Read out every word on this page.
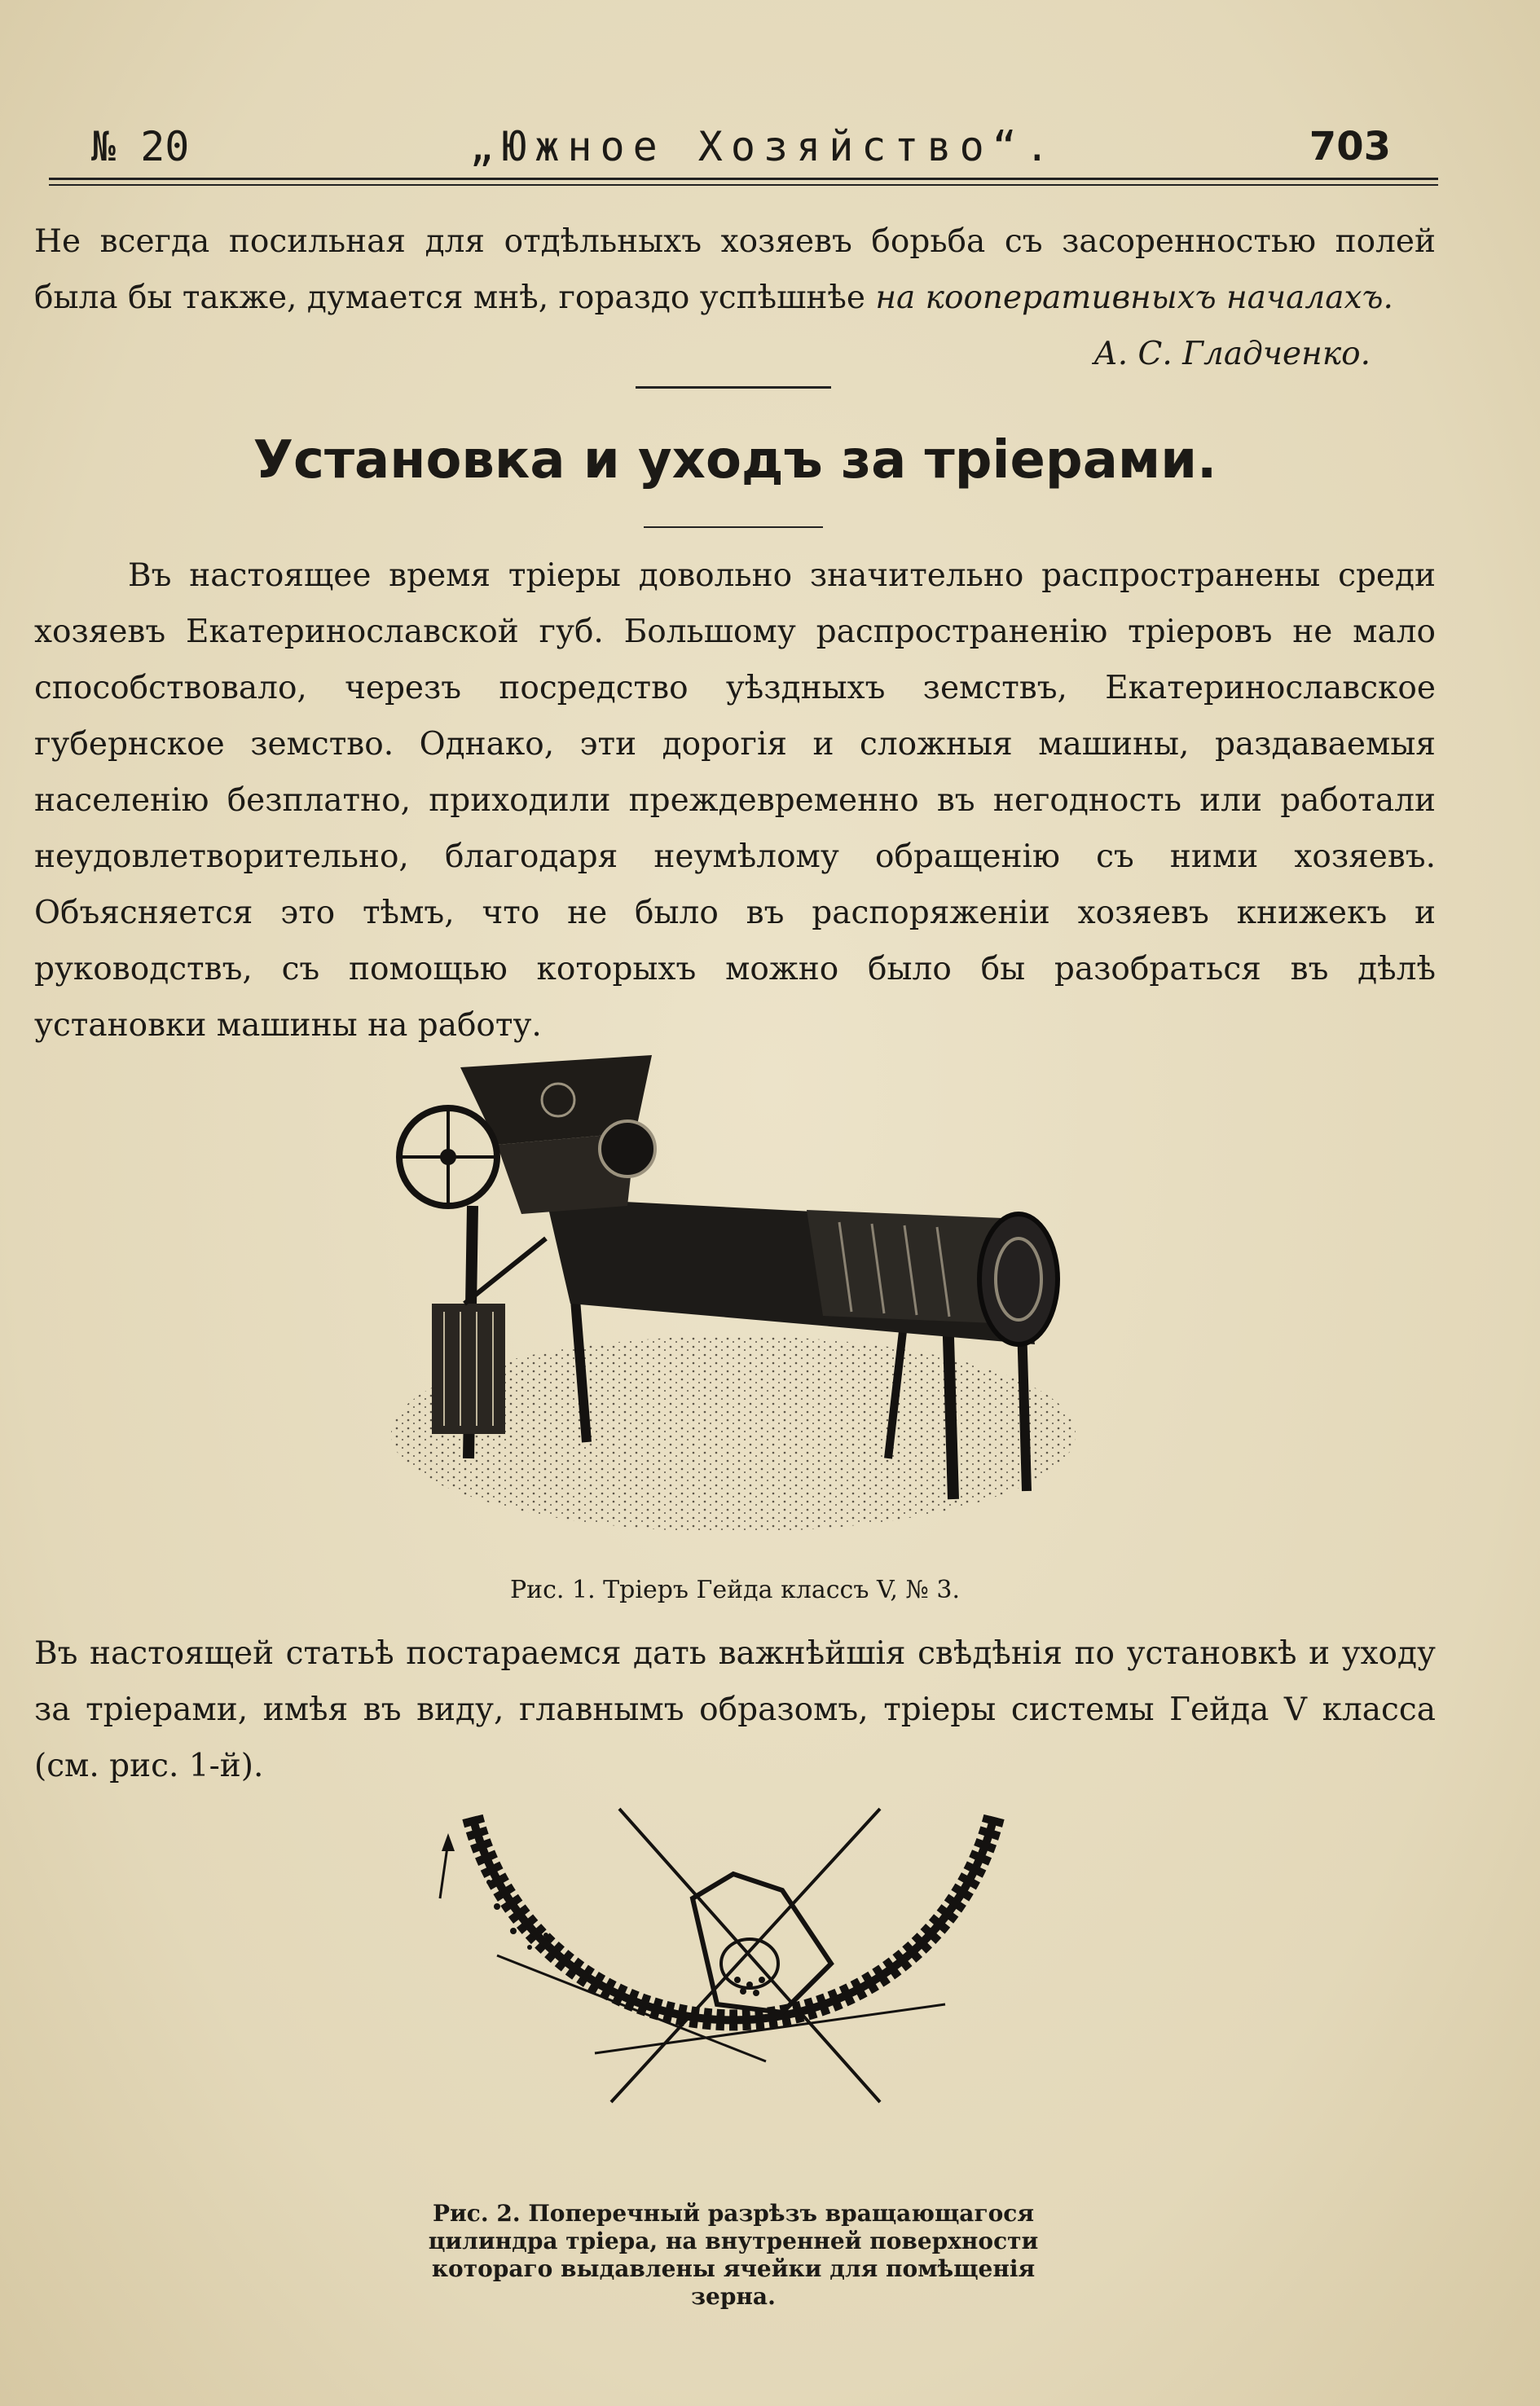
№ 20	„Южное Хозяйство“.	703

Не всегда посильная для отдѣльныхъ хозяевъ борьба съ засоренностью полей была бы также, думается мнѣ, гораздо успѣшнѣе на кооперативныхъ началахъ.

А. С. Гладченко.
Установка и уходъ за трieрами.

Въ настоящее время трieры довольно значительно распространены среди хозяевъ Екатеринославской губ. Большому распространенiю трieровъ не мало способствовало, черезъ посредство уѣздныхъ земствъ, Екатеринославское губернское земство. Однако, эти дорогiя и сложныя машины, раздаваемыя населенiю безплатно, приходили преждевременно въ негодность или работали неудовлетворительно, благодаря неумѣлому обращенiю съ ними хозяевъ. Объясняется это тѣмъ, что не было въ распоряженiи хозяевъ книжекъ и руководствъ, съ помощью которыхъ можно было бы разобраться въ дѣлѣ установки машины на работу.

Рис. 1. Трieръ Гейда классъ V, № 3.

Въ настоящей статьѣ постараемся дать важнѣйшiя свѣдѣнiя по установкѣ и уходу за трieрами, имѣя въ виду, главнымъ образомъ, трieры системы Гейда V класса (см. рис. 1-й).

Рис. 2. Поперечный разрѣзъ вращающагося цилиндра трieра, на внутренней поверхности котораго выдавлены ячейки для помѣщенiя зерна.
